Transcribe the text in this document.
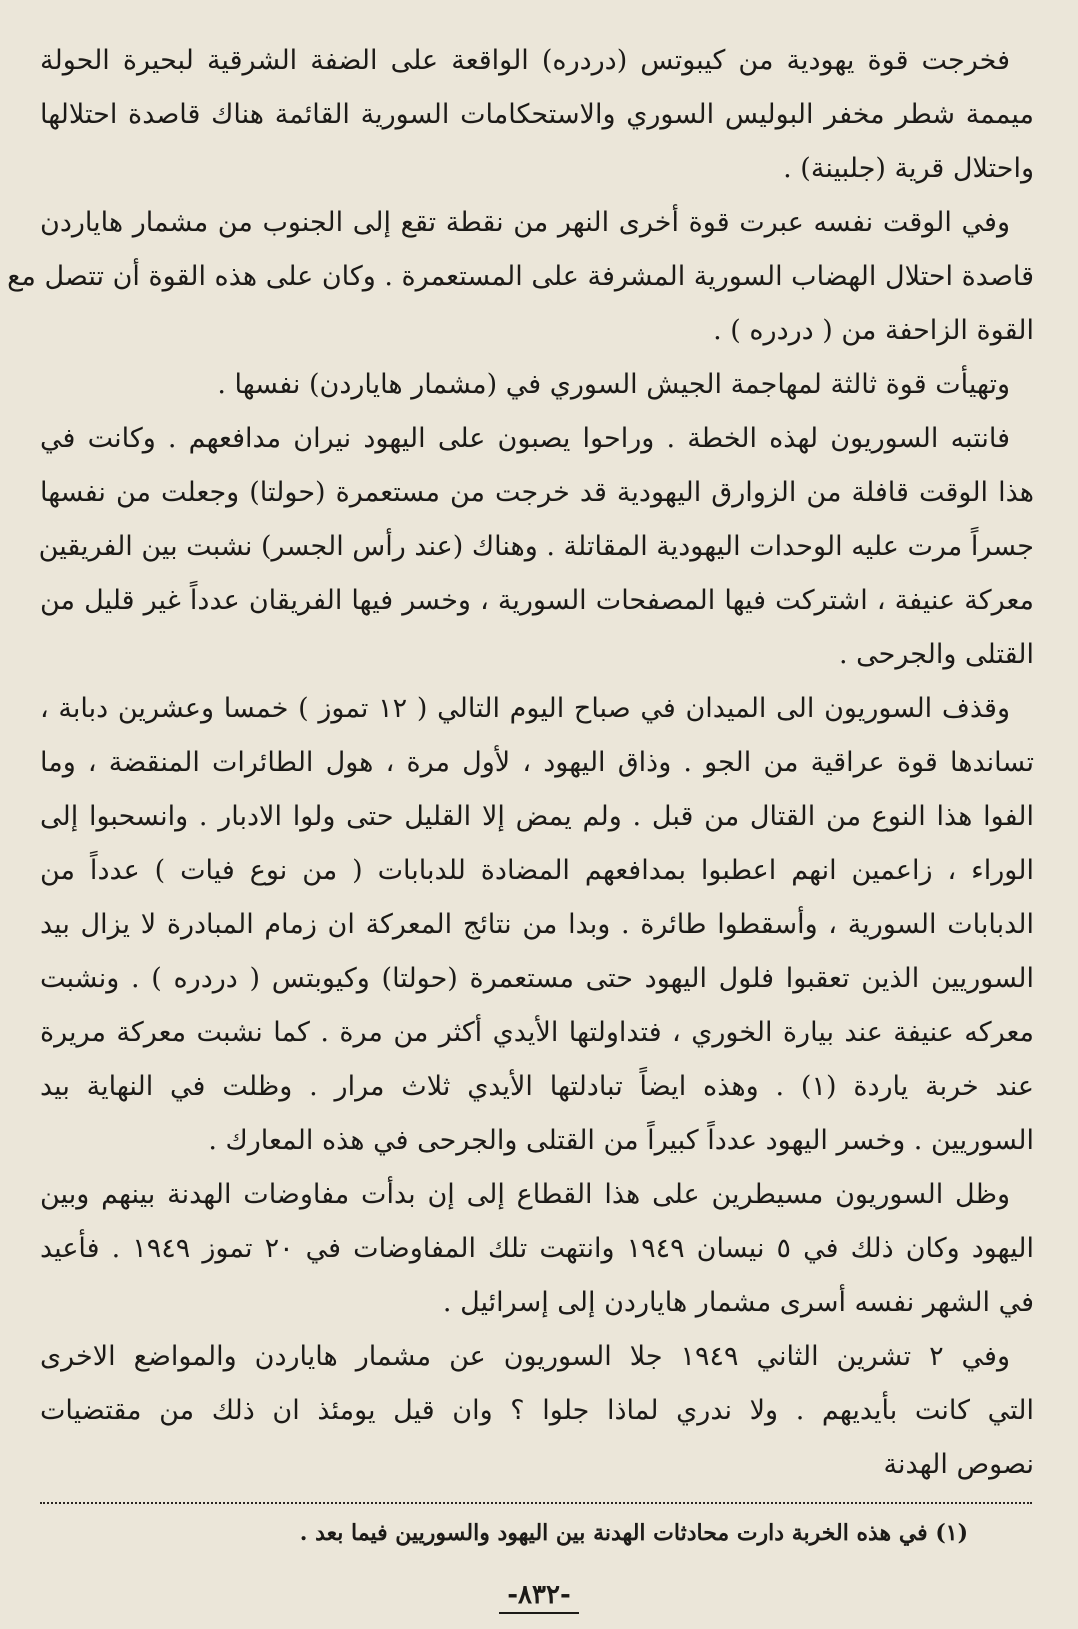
فخرجت قوة يهودية من كيبوتس (دردره) الواقعة على الضفة الشرقية لبحيرة الحولة
ميممة شطر مخفر البوليس السوري والاستحكامات السورية القائمة هناك قاصدة احتلالها
واحتلال قرية (جلبينة) .
وفي الوقت نفسه عبرت قوة أخرى النهر من نقطة تقع إلى الجنوب من مشمار هاياردن
قاصدة احتلال الهضاب السورية المشرفة على المستعمرة . وكان على هذه القوة أن تتصل مع
القوة الزاحفة من ( دردره ) .
وتهيأت قوة ثالثة لمهاجمة الجيش السوري في (مشمار هاياردن) نفسها .
فانتبه السوريون لهذه الخطة . وراحوا يصبون على اليهود نيران مدافعهم . وكانت في
هذا الوقت قافلة من الزوارق اليهودية قد خرجت من مستعمرة (حولتا) وجعلت من نفسها
جسراً مرت عليه الوحدات اليهودية المقاتلة . وهناك (عند رأس الجسر) نشبت بين الفريقين
معركة عنيفة ، اشتركت فيها المصفحات السورية ، وخسر فيها الفريقان عدداً غير قليل من
القتلى والجرحى .
وقذف السوريون الى الميدان في صباح اليوم التالي ( ١٢ تموز ) خمسا وعشرين دبابة ،
تساندها قوة عراقية من الجو . وذاق اليهود ، لأول مرة ، هول الطائرات المنقضة ، وما
الفوا هذا النوع من القتال من قبل . ولم يمض إلا القليل حتى ولوا الادبار . وانسحبوا إلى
الوراء ، زاعمين انهم اعطبوا بمدافعهم المضادة للدبابات ( من نوع فيات ) عدداً من
الدبابات السورية ، وأسقطوا طائرة . وبدا من نتائج المعركة ان زمام المبادرة لا يزال بيد
السوريين الذين تعقبوا فلول اليهود حتى مستعمرة (حولتا) وكيوبتس ( دردره ) . ونشبت
معركه عنيفة عند بيارة الخوري ، فتداولتها الأيدي أكثر من مرة . كما نشبت معركة مريرة
عند خربة ياردة (١) . وهذه ايضاً تبادلتها الأيدي ثلاث مرار . وظلت في النهاية بيد
السوريين . وخسر اليهود عدداً كبيراً من القتلى والجرحى في هذه المعارك .
وظل السوريون مسيطرين على هذا القطاع إلى إن بدأت مفاوضات الهدنة بينهم وبين
اليهود وكان ذلك في ٥ نيسان ١٩٤٩ وانتهت تلك المفاوضات في ٢٠ تموز ١٩٤٩ . فأعيد
في الشهر نفسه أسرى مشمار هاياردن إلى إسرائيل .
وفي ٢ تشرين الثاني ١٩٤٩ جلا السوريون عن مشمار هاياردن والمواضع الاخرى
التي كانت بأيديهم . ولا ندري لماذا جلوا ؟ وان قيل يومئذ ان ذلك من مقتضيات
نصوص الهدنة
(١) في هذه الخربة دارت محادثات الهدنة بين اليهود والسوريين فيما بعد .
-٨٣٢-
